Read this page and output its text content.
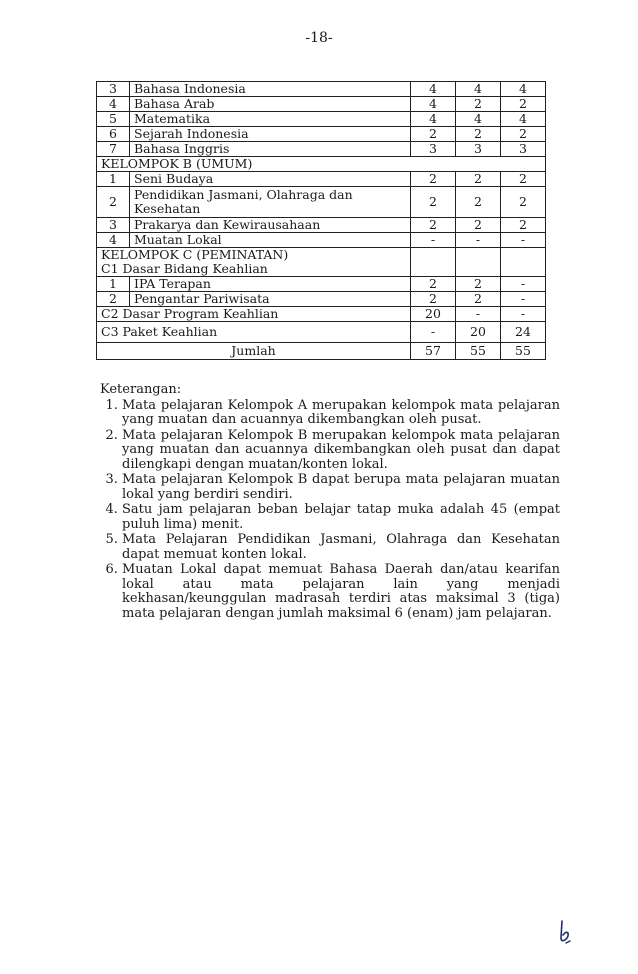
-18-
3	Bahasa Indonesia	4	4	4
4	Bahasa Arab	4	2	2
5	Matematika	4	4	4
6	Sejarah Indonesia	2	2	2
7	Bahasa Inggris	3	3	3
KELOMPOK B (UMUM)				
1	Seni Budaya	2	2	2
2	Pendidikan Jasmani, Olahraga dan Kesehatan	2	2	2
3	Prakarya dan Kewirausahaan	2	2	2
4	Muatan Lokal	-	-	-

KELOMPOK C (PEMINATAN)
C1 Dasar Bidang Keahlian				

1	IPA Terapan	2	2	-
2	Pengantar Pariwisata	2	2	-
C2 Dasar Program Keahlian		20	-	-
C3 Paket Keahlian		-	20	24
Jumlah		57	55	55
Keterangan:
1. Mata pelajaran Kelompok A merupakan kelompok mata pelajaran yang muatan dan acuannya dikembangkan oleh pusat.
2. Mata pelajaran Kelompok B merupakan kelompok mata pelajaran yang muatan dan acuannya dikembangkan oleh pusat dan dapat dilengkapi dengan muatan/konten lokal.
3. Mata pelajaran Kelompok B dapat berupa mata pelajaran muatan lokal yang berdiri sendiri.
4. Satu jam pelajaran beban belajar tatap muka adalah 45 (empat puluh lima) menit.
5. Mata Pelajaran Pendidikan Jasmani, Olahraga dan Kesehatan dapat memuat konten lokal.
6. Muatan Lokal dapat memuat Bahasa Daerah dan/atau kearifan lokal atau mata pelajaran lain yang menjadi kekhasan/keunggulan madrasah terdiri atas maksimal 3 (tiga) mata pelajaran dengan jumlah maksimal 6 (enam) jam pelajaran.
